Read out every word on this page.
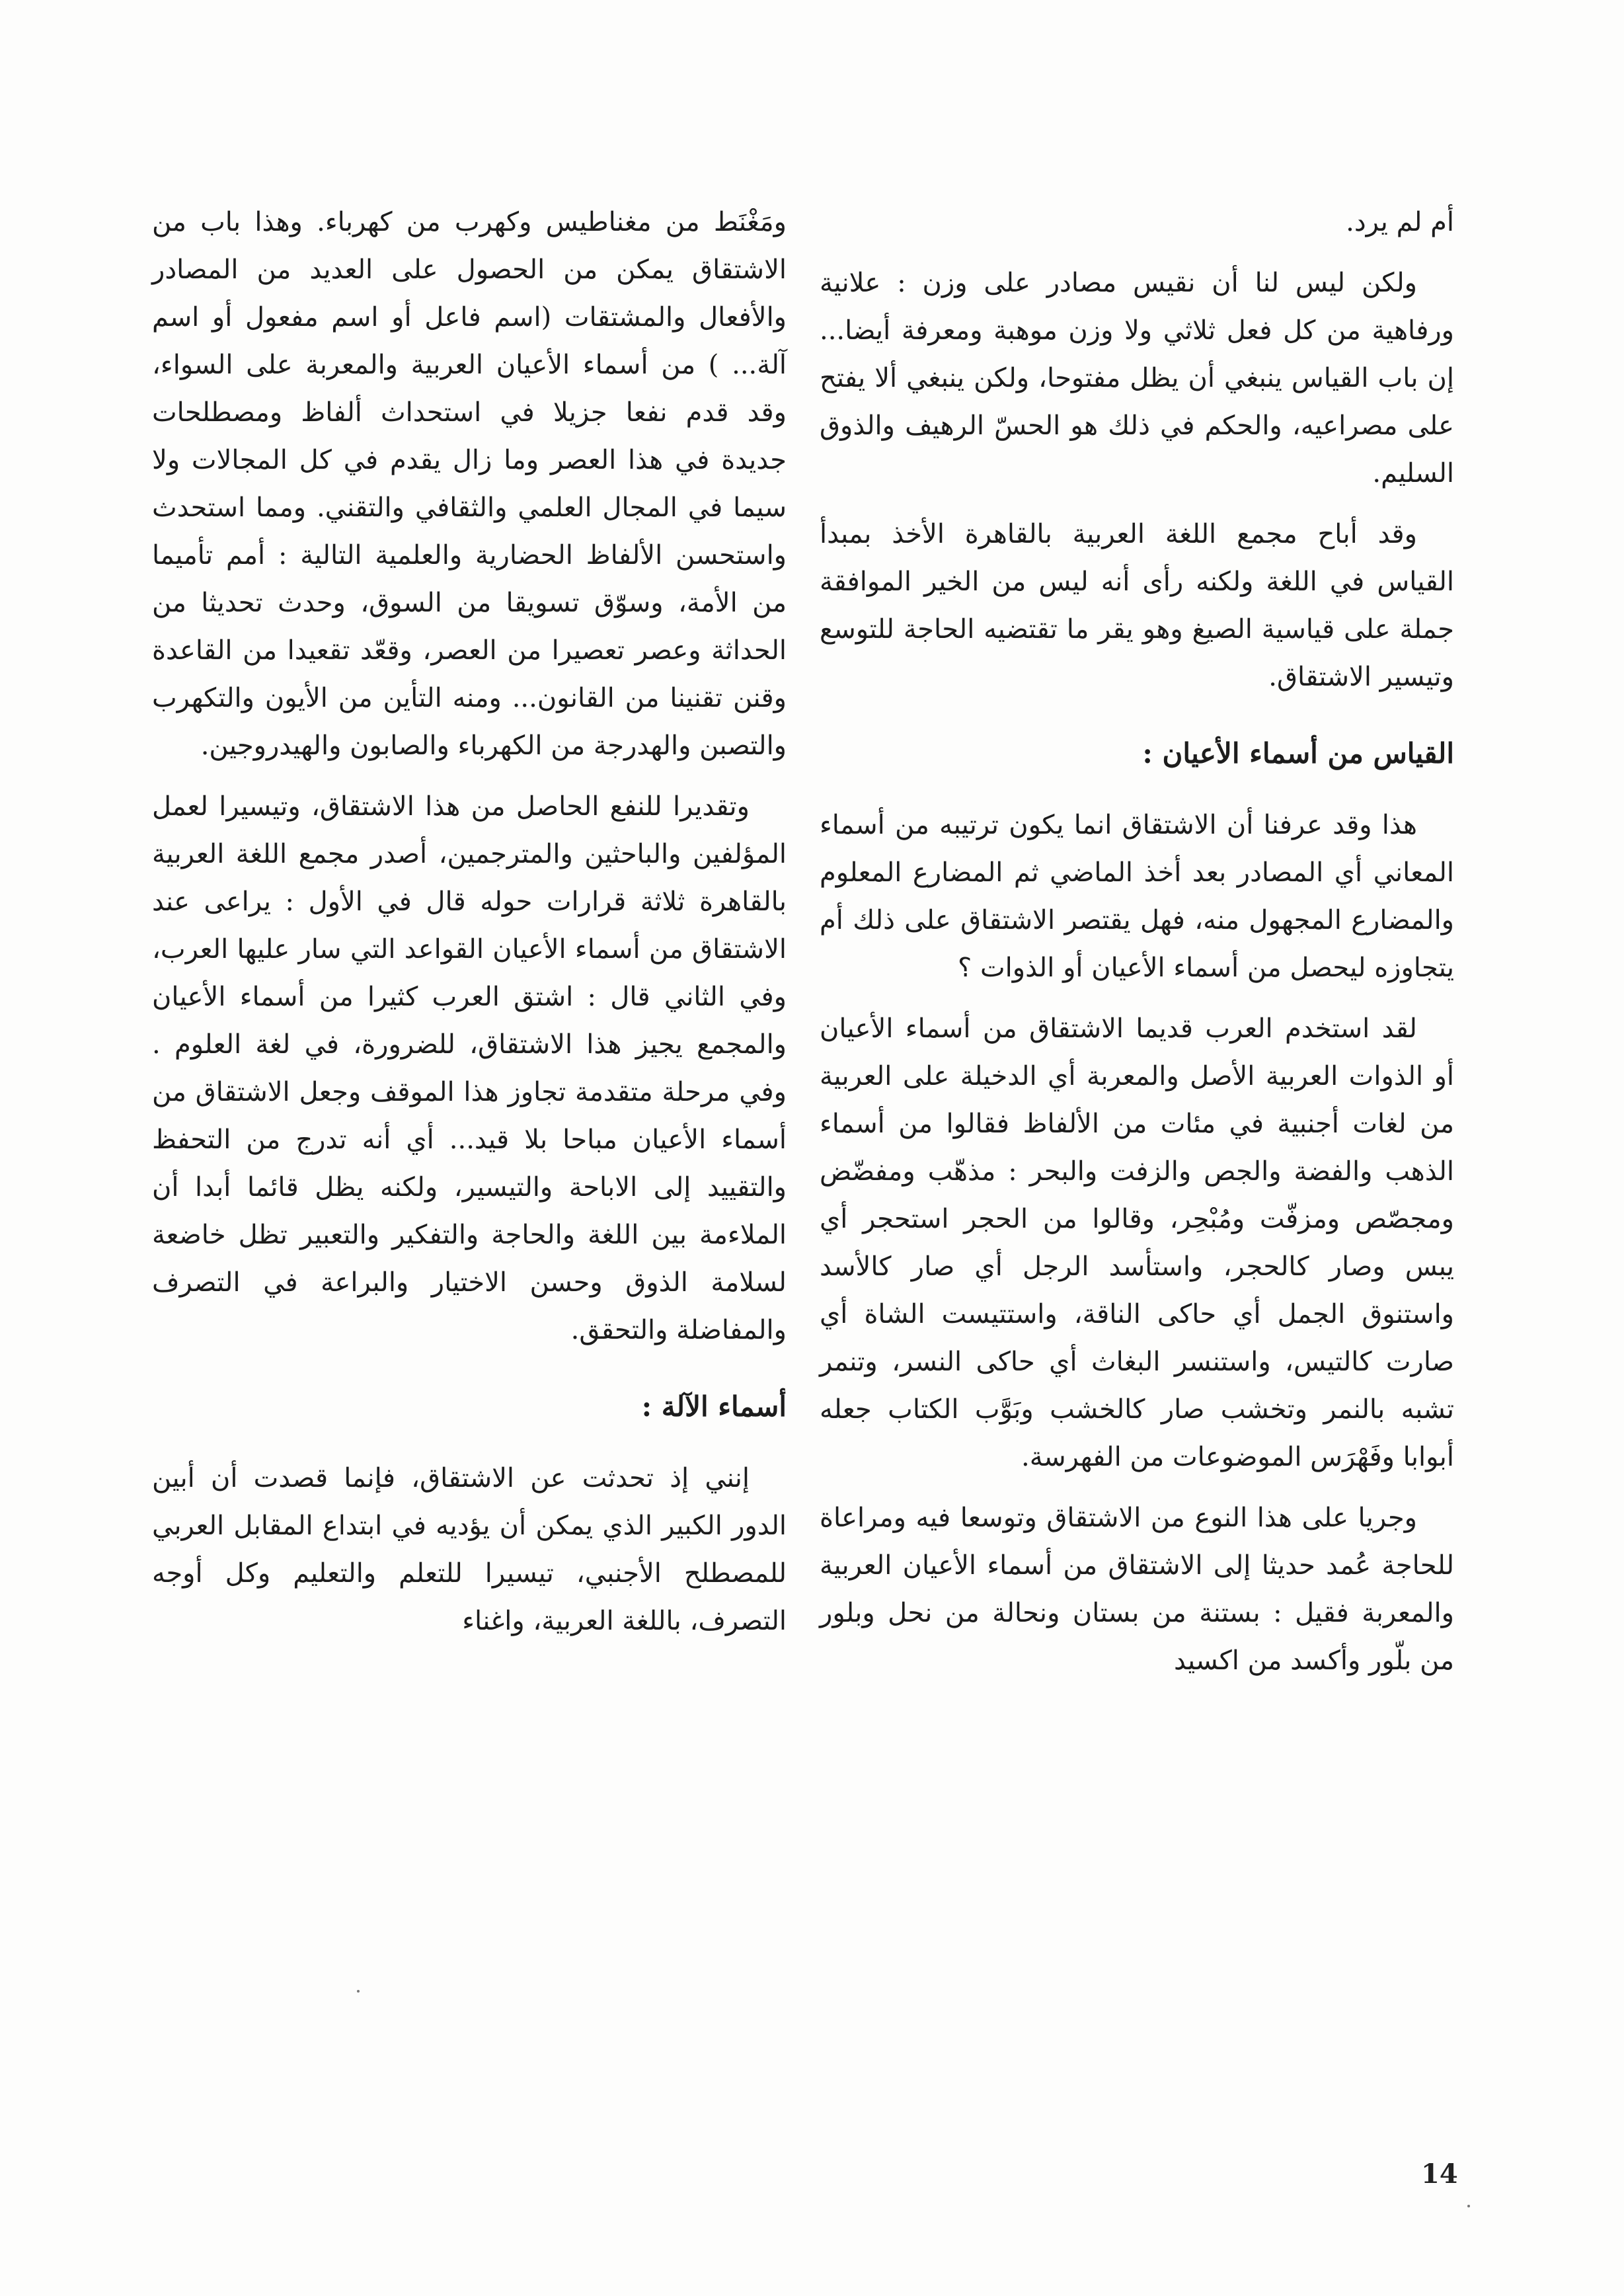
أم لم يرد.

ولكن ليس لنا أن نقيس مصادر على وزن : علانية ورفاهية من كل فعل ثلاثي ولا وزن موهبة ومعرفة أيضا... إن باب القياس ينبغي أن يظل مفتوحا، ولكن ينبغي ألا يفتح على مصراعيه، والحكم في ذلك هو الحسّ الرهيف والذوق السليم.

وقد أباح مجمع اللغة العربية بالقاهرة الأخذ بمبدأ القياس في اللغة ولكنه رأى أنه ليس من الخير الموافقة جملة على قياسية الصيغ وهو يقر ما تقتضيه الحاجة للتوسع وتيسير الاشتقاق.

القياس من أسماء الأعيان :

هذا وقد عرفنا أن الاشتقاق انما يكون ترتيبه من أسماء المعاني أي المصادر بعد أخذ الماضي ثم المضارع المعلوم والمضارع المجهول منه، فهل يقتصر الاشتقاق على ذلك أم يتجاوزه ليحصل من أسماء الأعيان أو الذوات ؟

لقد استخدم العرب قديما الاشتقاق من أسماء الأعيان أو الذوات العربية الأصل والمعربة أي الدخيلة على العربية من لغات أجنبية في مئات من الألفاظ فقالوا من أسماء الذهب والفضة والجص والزفت والبحر : مذهّب ومفضّض ومجصّص ومزفّت ومُبْحِر، وقالوا من الحجر استحجر أي يبس وصار كالحجر، واستأسد الرجل أي صار كالأسد واستنوق الجمل أي حاكى الناقة، واستتيست الشاة أي صارت كالتيس، واستنسر البغاث أي حاكى النسر، وتنمر تشبه بالنمر وتخشب صار كالخشب وبَوَّب الكتاب جعله أبوابا وفَهْرَس الموضوعات من الفهرسة.

وجريا على هذا النوع من الاشتقاق وتوسعا فيه ومراعاة للحاجة عُمد حديثا إلى الاشتقاق من أسماء الأعيان العربية والمعربة فقيل : بستنة من بستان ونحالة من نحل وبلور من بلّور وأكسد من اكسيد

ومَغْنَط من مغناطيس وكهرب من كهرباء. وهذا باب من الاشتقاق يمكن من الحصول على العديد من المصادر والأفعال والمشتقات (اسم فاعل أو اسم مفعول أو اسم آلة... ) من أسماء الأعيان العربية والمعربة على السواء، وقد قدم نفعا جزيلا في استحداث ألفاظ ومصطلحات جديدة في هذا العصر وما زال يقدم في كل المجالات ولا سيما في المجال العلمي والثقافي والتقني. ومما استحدث واستحسن الألفاظ الحضارية والعلمية التالية : أمم تأميما من الأمة، وسوّق تسويقا من السوق، وحدث تحديثا من الحداثة وعصر تعصيرا من العصر، وقعّد تقعيدا من القاعدة وقنن تقنينا من القانون... ومنه التأين من الأيون والتكهرب والتصبن والهدرجة من الكهرباء والصابون والهيدروجين.

وتقديرا للنفع الحاصل من هذا الاشتقاق، وتيسيرا لعمل المؤلفين والباحثين والمترجمين، أصدر مجمع اللغة العربية بالقاهرة ثلاثة قرارات حوله قال في الأول : يراعى عند الاشتقاق من أسماء الأعيان القواعد التي سار عليها العرب، وفي الثاني قال : اشتق العرب كثيرا من أسماء الأعيان والمجمع يجيز هذا الاشتقاق، للضرورة، في لغة العلوم . وفي مرحلة متقدمة تجاوز هذا الموقف وجعل الاشتقاق من أسماء الأعيان مباحا بلا قيد... أي أنه تدرج من التحفظ والتقييد إلى الاباحة والتيسير، ولكنه يظل قائما أبدا أن الملاءمة بين اللغة والحاجة والتفكير والتعبير تظل خاضعة لسلامة الذوق وحسن الاختيار والبراعة في التصرف والمفاضلة والتحقق.

أسماء الآلة :

إنني إذ تحدثت عن الاشتقاق، فإنما قصدت أن أبين الدور الكبير الذي يمكن أن يؤديه في ابتداع المقابل العربي للمصطلح الأجنبي، تيسيرا للتعلم والتعليم وكل أوجه التصرف، باللغة العربية، واغناء

14
